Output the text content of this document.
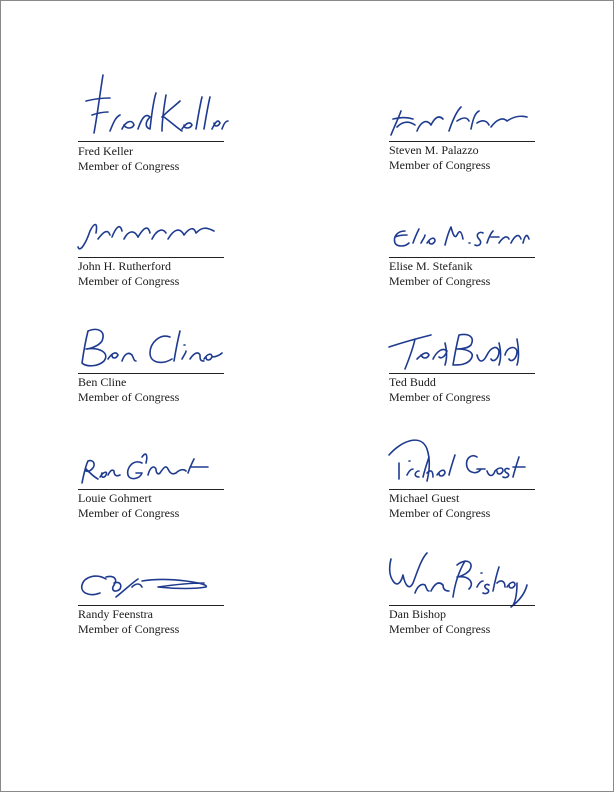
Fred Keller
Member of Congress
Steven M. Palazzo
Member of Congress
John H. Rutherford
Member of Congress
Elise M. Stefanik
Member of Congress
Ben Cline
Member of Congress
Ted Budd
Member of Congress
Louie Gohmert
Member of Congress
Michael Guest
Member of Congress
Randy Feenstra
Member of Congress
Dan Bishop
Member of Congress
